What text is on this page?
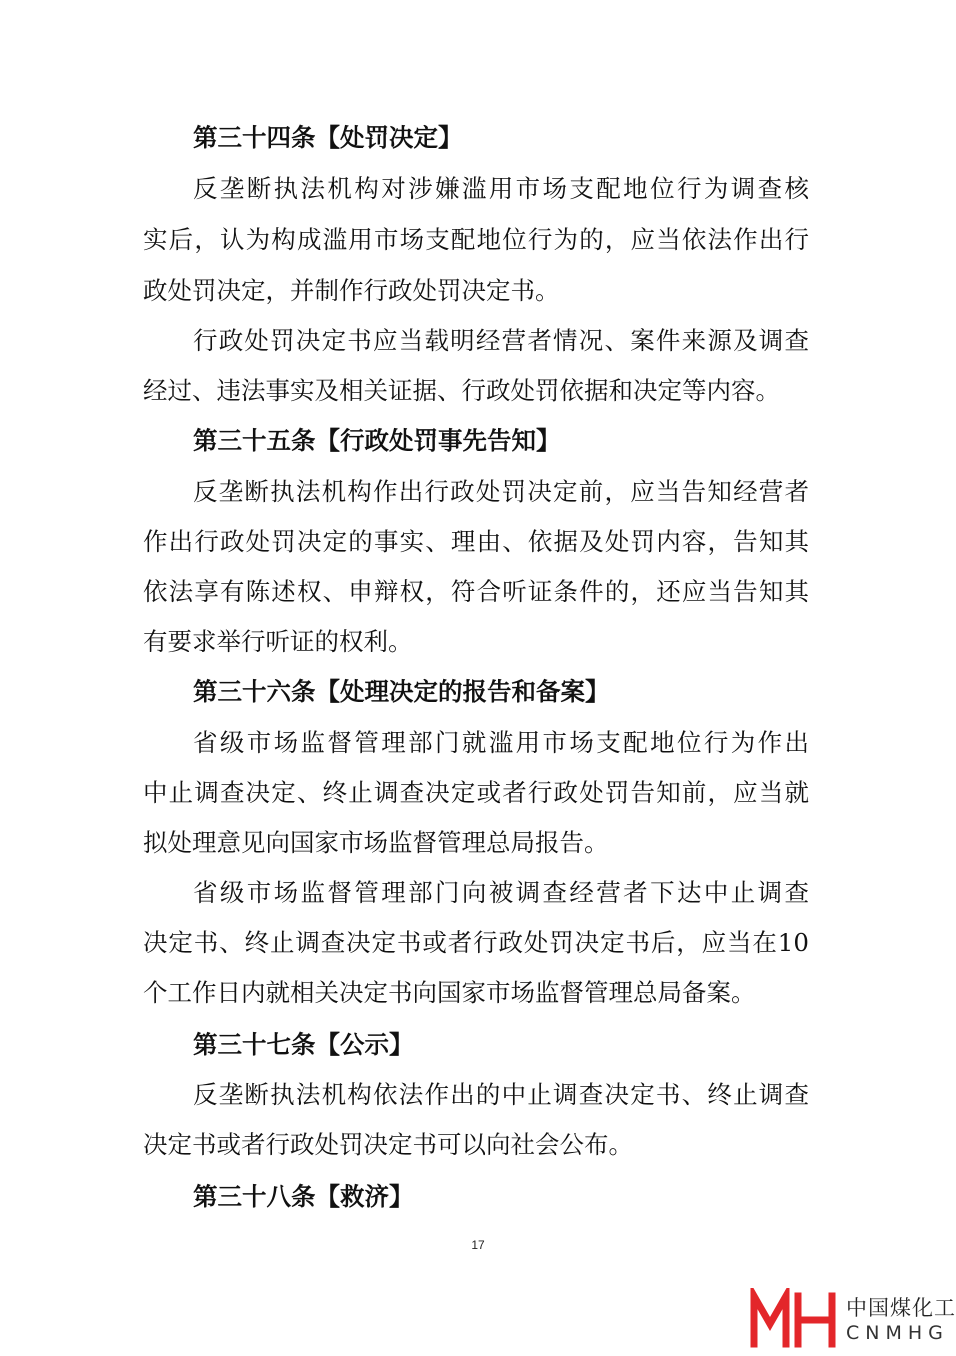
第三十四条【处罚决定】
反垄断执法机构对涉嫌滥用市场支配地位行为调查核
实后，认为构成滥用市场支配地位行为的，应当依法作出行
政处罚决定，并制作行政处罚决定书。
行政处罚决定书应当载明经营者情况、案件来源及调查
经过、违法事实及相关证据、行政处罚依据和决定等内容。
第三十五条【行政处罚事先告知】
反垄断执法机构作出行政处罚决定前，应当告知经营者
作出行政处罚决定的事实、理由、依据及处罚内容，告知其
依法享有陈述权、申辩权，符合听证条件的，还应当告知其
有要求举行听证的权利。
第三十六条【处理决定的报告和备案】
省级市场监督管理部门就滥用市场支配地位行为作出
中止调查决定、终止调查决定或者行政处罚告知前，应当就
拟处理意见向国家市场监督管理总局报告。
省级市场监督管理部门向被调查经营者下达中止调查
决定书、终止调查决定书或者行政处罚决定书后，应当在10
个工作日内就相关决定书向国家市场监督管理总局备案。
第三十七条【公示】
反垄断执法机构依法作出的中止调查决定书、终止调查
决定书或者行政处罚决定书可以向社会公布。
第三十八条【救济】
17
中国煤化工
CNMHG
